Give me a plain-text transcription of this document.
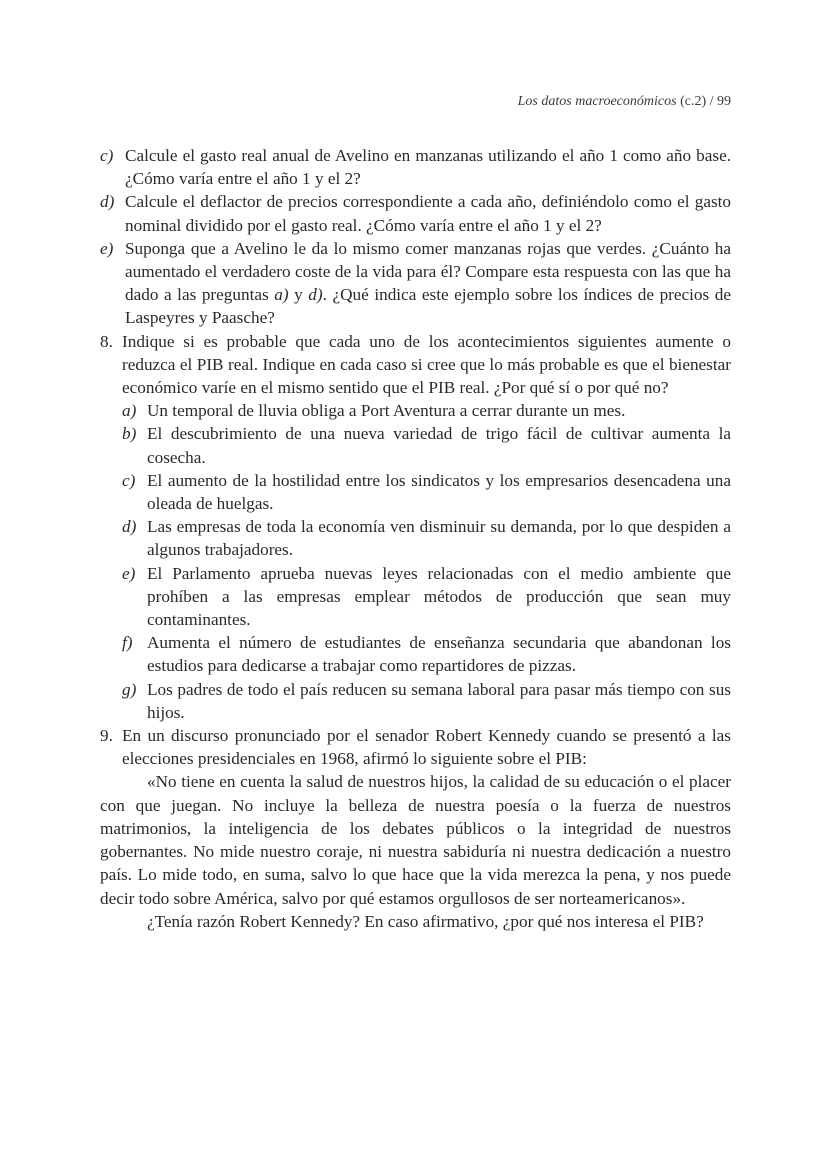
Los datos macroeconómicos (c.2) / 99
c) Calcule el gasto real anual de Avelino en manzanas utilizando el año 1 como año base. ¿Cómo varía entre el año 1 y el 2?

d) Calcule el deflactor de precios correspondiente a cada año, definiéndolo como el gasto nominal dividido por el gasto real. ¿Cómo varía entre el año 1 y el 2?

e) Suponga que a Avelino le da lo mismo comer manzanas rojas que verdes. ¿Cuánto ha aumentado el verdadero coste de la vida para él? Compare esta respuesta con las que ha dado a las preguntas a) y d). ¿Qué indica este ejemplo sobre los índices de precios de Laspeyres y Paasche?

8. Indique si es probable que cada uno de los acontecimientos siguientes aumente o reduzca el PIB real. Indique en cada caso si cree que lo más probable es que el bienestar económico varíe en el mismo sentido que el PIB real. ¿Por qué sí o por qué no?

a) Un temporal de lluvia obliga a Port Aventura a cerrar durante un mes.

b) El descubrimiento de una nueva variedad de trigo fácil de cultivar aumenta la cosecha.

c) El aumento de la hostilidad entre los sindicatos y los empresarios desencadena una oleada de huelgas.

d) Las empresas de toda la economía ven disminuir su demanda, por lo que despiden a algunos trabajadores.

e) El Parlamento aprueba nuevas leyes relacionadas con el medio ambiente que prohíben a las empresas emplear métodos de producción que sean muy contaminantes.

f) Aumenta el número de estudiantes de enseñanza secundaria que abandonan los estudios para dedicarse a trabajar como repartidores de pizzas.

g) Los padres de todo el país reducen su semana laboral para pasar más tiempo con sus hijos.

9. En un discurso pronunciado por el senador Robert Kennedy cuando se presentó a las elecciones presidenciales en 1968, afirmó lo siguiente sobre el PIB:

«No tiene en cuenta la salud de nuestros hijos, la calidad de su educación o el placer con que juegan. No incluye la belleza de nuestra poesía o la fuerza de nuestros matrimonios, la inteligencia de los debates públicos o la integridad de nuestros gobernantes. No mide nuestro coraje, ni nuestra sabiduría ni nuestra dedicación a nuestro país. Lo mide todo, en suma, salvo lo que hace que la vida merezca la pena, y nos puede decir todo sobre América, salvo por qué estamos orgullosos de ser norteamericanos».

¿Tenía razón Robert Kennedy? En caso afirmativo, ¿por qué nos interesa el PIB?
